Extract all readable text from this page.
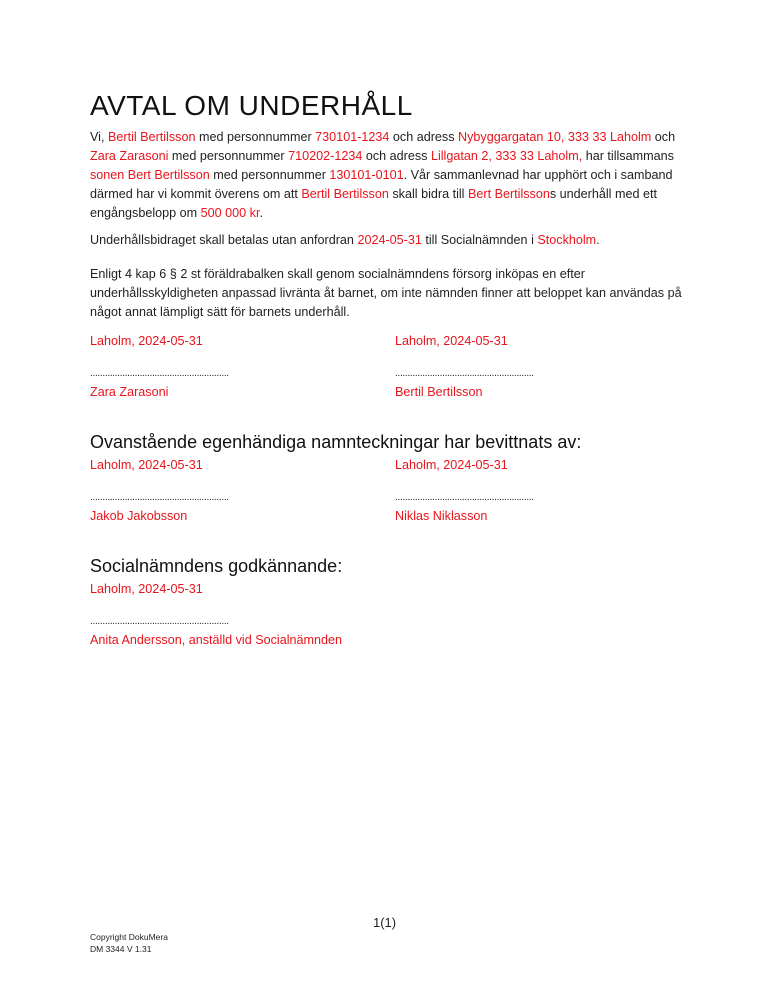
AVTAL OM UNDERHÅLL

Vi, Bertil Bertilsson med personnummer 730101-1234 och adress Nybyggargatan 10, 333 33 Laholm och Zara Zarasoni med personnummer 710202-1234 och adress Lillgatan 2, 333 33 Laholm, har tillsammans sonen Bert Bertilsson med personnummer 130101-0101. Vår sammanlevnad har upphört och i samband därmed har vi kommit överens om att Bertil Bertilsson skall bidra till Bert Bertilssons underhåll med ett engångsbelopp om 500 000 kr.

Underhållsbidraget skall betalas utan anfordran 2024-05-31 till Socialnämnden i Stockholm.

Enligt 4 kap 6 § 2 st föräldrabalken skall genom socialnämndens försorg inköpas en efter underhållsskyldigheten anpassad livränta åt barnet, om inte nämnden finner att beloppet kan användas på något annat lämpligt sätt för barnets underhåll.

Laholm, 2024-05-31	Laholm, 2024-05-31
........................................................	........................................................
Zara Zarasoni	Bertil Bertilsson
Ovanstående egenhändiga namnteckningar har bevittnats av:
Laholm, 2024-05-31	Laholm, 2024-05-31
........................................................	........................................................
Jakob Jakobsson	Niklas Niklasson
Socialnämndens godkännande:
Laholm, 2024-05-31
........................................................
Anita Andersson, anställd vid Socialnämnden
1(1)
Copyright DokuMera
DM 3344 V 1.31
